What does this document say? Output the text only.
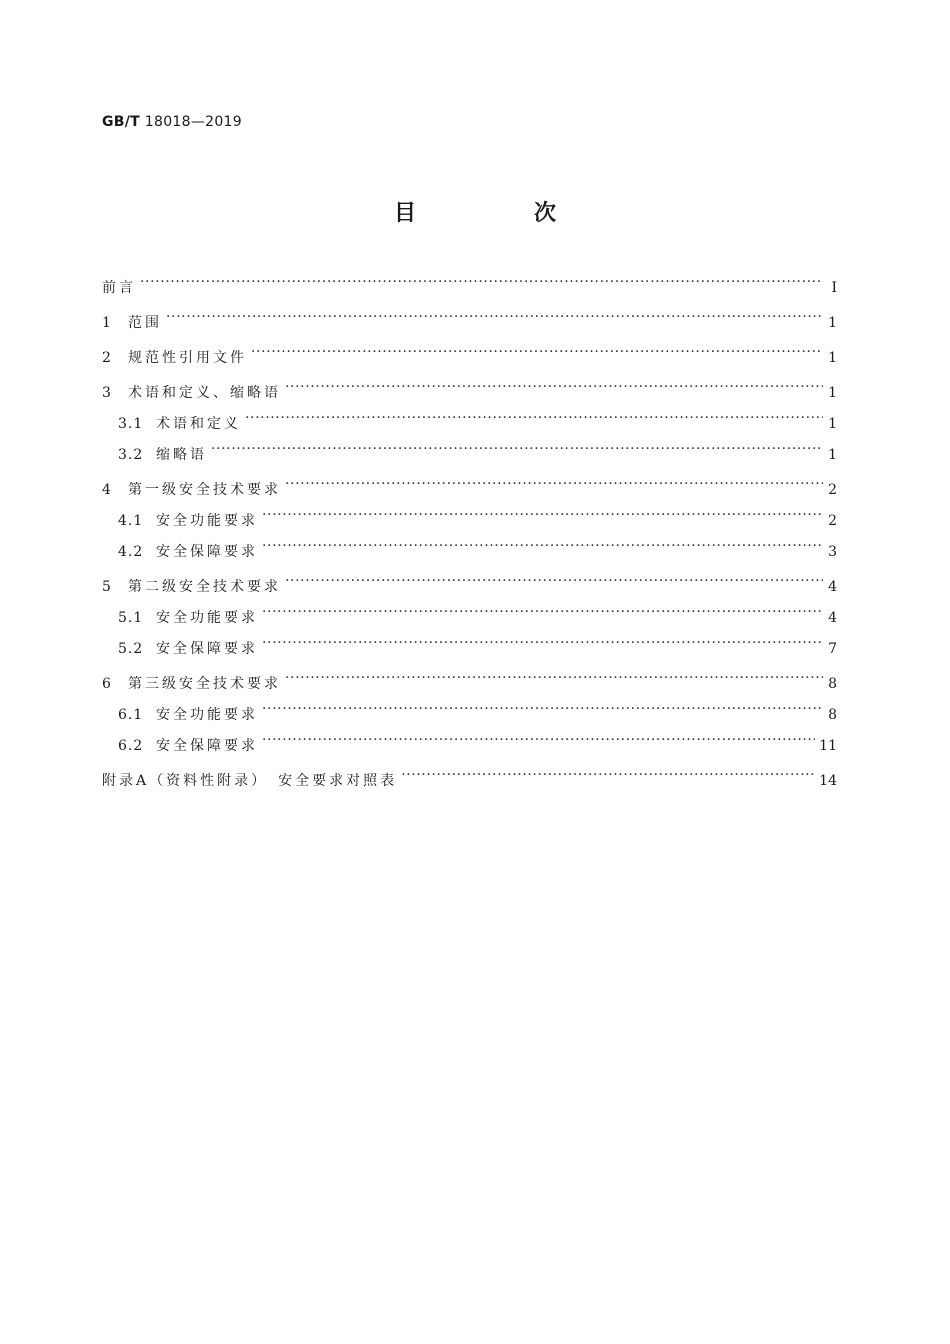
GB/T 18018—2019
目　次
前言 ·····	Ⅰ
1	范围 ·····	1
2	规范性引用文件 ·····	1
3	术语和定义、缩略语 ·····	1
3.1 术语和定义 ·····	1
3.2 缩略语 ·····	1
4	第一级安全技术要求 ·····	2
4.1 安全功能要求 ·····	2
4.2 安全保障要求 ·····	3
5	第二级安全技术要求 ·····	4
5.1 安全功能要求 ·····	4
5.2 安全保障要求 ·····	7
6	第三级安全技术要求 ·····	8
6.1 安全功能要求 ·····	8
6.2 安全保障要求 ·····	11
附录A（资料性附录）　安全要求对照表 ·····	14
